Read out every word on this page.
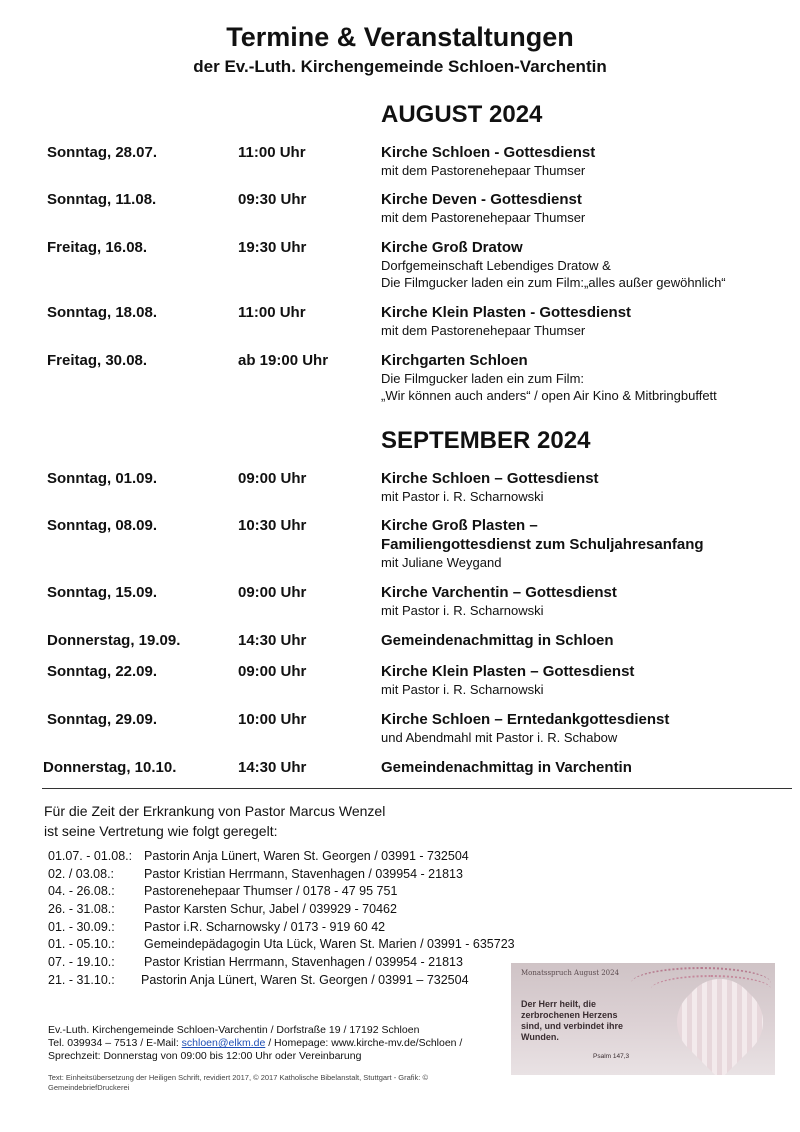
Termine & Veranstaltungen
der Ev.-Luth. Kirchengemeinde Schloen-Varchentin
AUGUST 2024
Sonntag, 28.07.	11:00 Uhr	Kirche Schloen - Gottesdienst
mit dem Pastorenehepaar Thumser
Sonntag, 11.08.	09:30 Uhr	Kirche Deven - Gottesdienst
mit dem Pastorenehepaar Thumser
Freitag, 16.08.	19:30 Uhr	Kirche Groß Dratow
Dorfgemeinschaft Lebendiges Dratow &
Die Filmgucker laden ein zum Film:„alles außer gewöhnlich“
Sonntag, 18.08.	11:00 Uhr	Kirche Klein Plasten - Gottesdienst
mit dem Pastorenehepaar Thumser
Freitag, 30.08.	ab 19:00 Uhr	Kirchgarten Schloen
Die Filmgucker laden ein zum Film:
„Wir können auch anders“ / open Air Kino & Mitbringbuffett
SEPTEMBER 2024
Sonntag, 01.09.	09:00 Uhr	Kirche Schloen – Gottesdienst
mit Pastor i. R. Scharnowski
Sonntag, 08.09.	10:30 Uhr	Kirche Groß Plasten –
Familiengottesdienst zum Schuljahresanfang
mit Juliane Weygand
Sonntag, 15.09.	09:00 Uhr	Kirche Varchentin – Gottesdienst
mit Pastor i. R. Scharnowski
Donnerstag, 19.09.	14:30 Uhr	Gemeindenachmittag in Schloen
Sonntag, 22.09.	09:00 Uhr	Kirche Klein Plasten – Gottesdienst
mit Pastor i. R. Scharnowski
Sonntag, 29.09.	10:00 Uhr	Kirche Schloen – Erntedankgottesdienst
und Abendmahl mit Pastor i. R. Schabow
Donnerstag, 10.10.	14:30 Uhr	Gemeindenachmittag in Varchentin
Für die Zeit der Erkrankung von Pastor Marcus Wenzel
ist seine Vertretung wie folgt geregelt:
01.07. - 01.08.: Pastorin Anja Lünert, Waren St. Georgen / 03991 - 732504
02. / 03.08.: Pastor Kristian Herrmann, Stavenhagen / 039954 - 21813
04. - 26.08.: Pastorenehepaar Thumser / 0178 - 47 95 751
26. - 31.08.: Pastor Karsten Schur, Jabel / 039929 - 70462
01. - 30.09.: Pastor i.R. Scharnowsky / 0173 - 919 60 42
01. - 05.10.: Gemeindepädagogin Uta Lück, Waren St. Marien / 03991 - 635723
07. - 19.10.: Pastor Kristian Herrmann, Stavenhagen / 039954 - 21813
21. - 31.10.: Pastorin Anja Lünert, Waren St. Georgen / 03991 – 732504
Ev.-Luth. Kirchengemeinde Schloen-Varchentin / Dorfstraße 19 / 17192 Schloen
Tel. 039934 – 7513 / E-Mail: schloen@elkm.de / Homepage: www.kirche-mv.de/Schloen /
Sprechzeit: Donnerstag von 09:00 bis 12:00 Uhr oder Vereinbarung
Text: Einheitsübersetzung der Heiligen Schrift, revidiert 2017, © 2017 Katholische Bibelanstalt, Stuttgart - Grafik: ©
GemeindebriefDruckerei
Monatsspruch August 2024
Der Herr heilt, die zerbrochenen Herzens sind, und verbindet ihre Wunden.
Psalm 147,3
